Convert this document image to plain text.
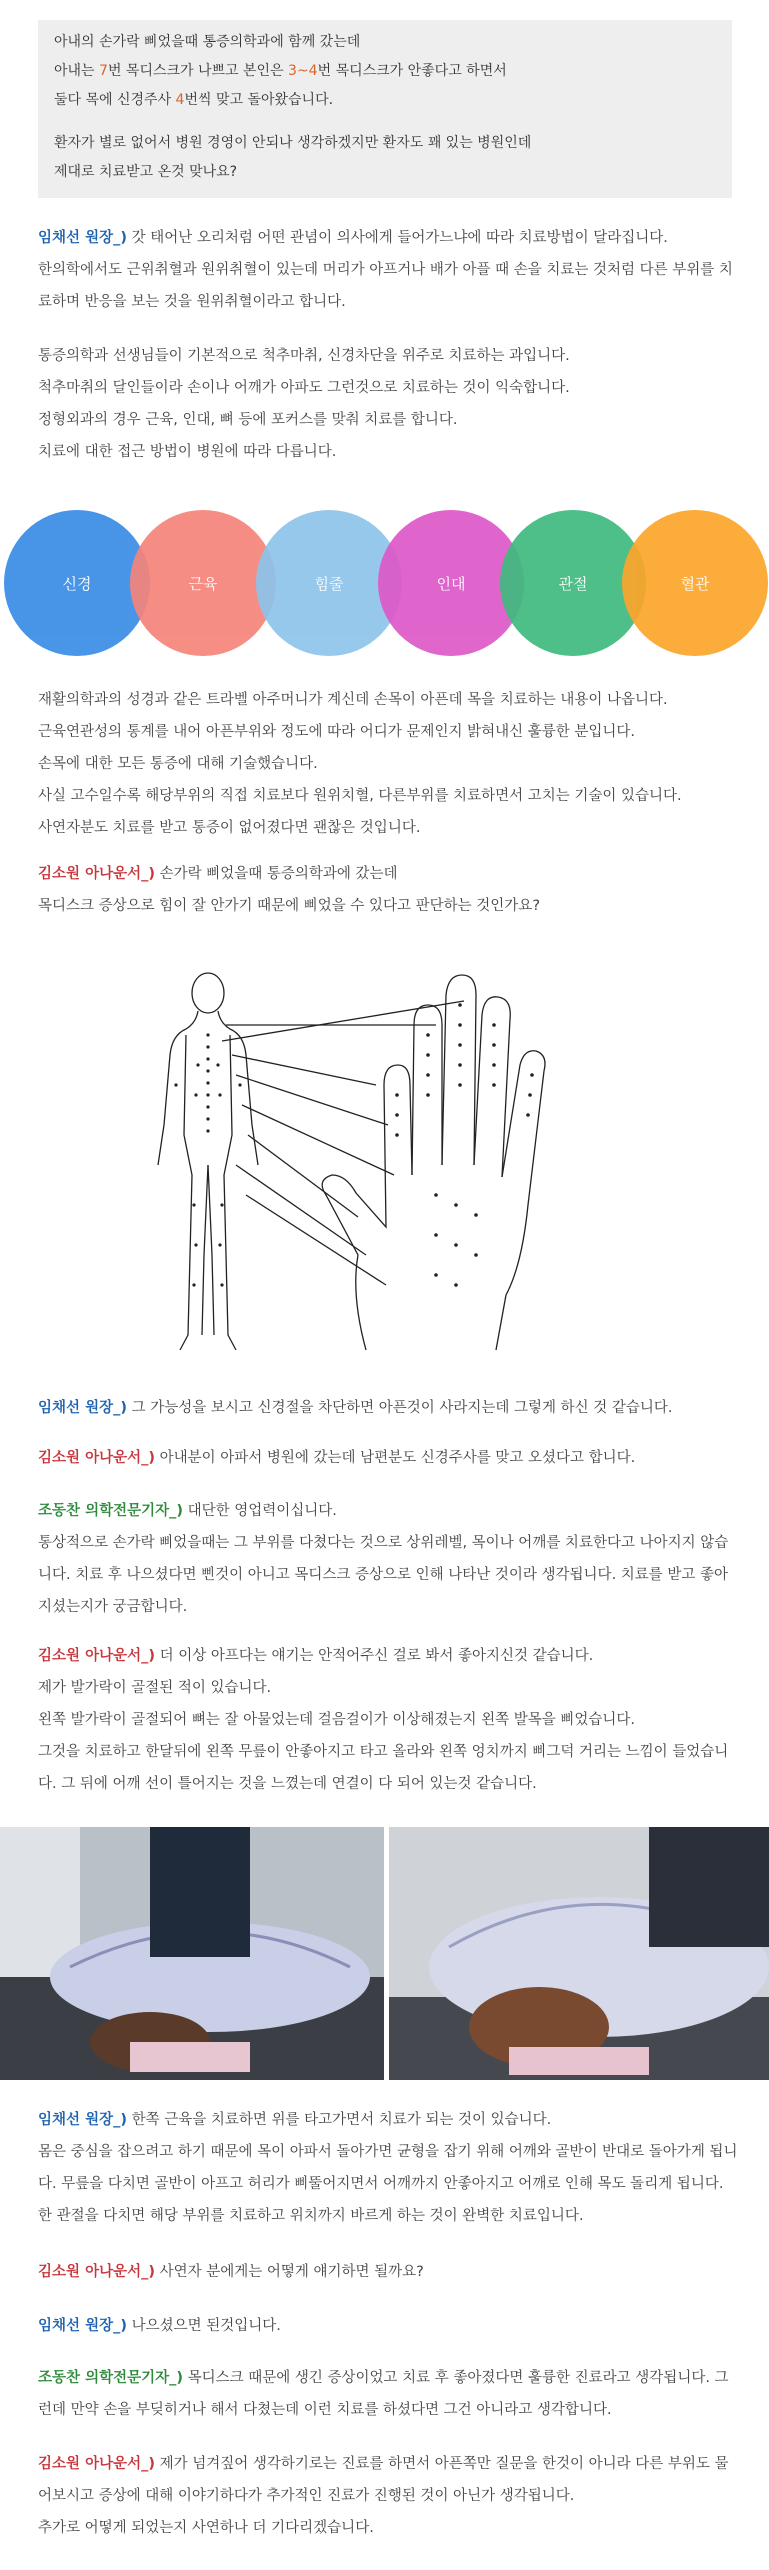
아내의 손가락 삐었을때 통증의학과에 함께 갔는데
아내는 7번 목디스크가 나쁘고 본인은 3~4번 목디스크가 안좋다고 하면서
둘다 목에 신경주사 4번씩 맞고 돌아왔습니다.
환자가 별로 없어서 병원 경영이 안되나 생각하겠지만 환자도 꽤 있는 병원인데
제대로 치료받고 온것 맞나요?

임채선 원장_) 갓 태어난 오리처럼 어떤 관념이 의사에게 들어가느냐에 따라 치료방법이 달라집니다.

한의학에서도 근위취혈과 원위취혈이 있는데 머리가 아프거나 배가 아플 때 손을 치료는 것처럼 다른 부위를 치료하며 반응을 보는 것을 원위취혈이라고 합니다.

통증의학과 선생님들이 기본적으로 척추마취, 신경차단을 위주로 치료하는 과입니다.

척추마취의 달인들이라 손이나 어깨가 아파도 그런것으로 치료하는 것이 익숙합니다.

정형외과의 경우 근육, 인대, 뼈 등에 포커스를 맞춰 치료를 합니다.

치료에 대한 접근 방법이 병원에 따라 다릅니다.

신경	근육	힘줄	인대	관절	혈관

재활의학과의 성경과 같은 트라벨 아주머니가 계신데 손목이 아픈데 목을 치료하는 내용이 나옵니다.

근육연관성의 통계를 내어 아픈부위와 정도에 따라 어디가 문제인지 밝혀내신 훌륭한 분입니다.

손목에 대한 모든 통증에 대해 기술했습니다.

사실 고수일수록 해당부위의 직접 치료보다 원위치혈, 다른부위를 치료하면서 고치는 기술이 있습니다.

사연자분도 치료를 받고 통증이 없어졌다면 괜찮은 것입니다.

김소원 아나운서_) 손가락 삐었을때 통증의학과에 갔는데

목디스크 증상으로 힘이 잘 안가기 때문에 삐었을 수 있다고 판단하는 것인가요?

임채선 원장_) 그 가능성을 보시고 신경절을 차단하면 아픈것이 사라지는데 그렇게 하신 것 같습니다.

김소원 아나운서_) 아내분이 아파서 병원에 갔는데 남편분도 신경주사를 맞고 오셨다고 합니다.

조동찬 의학전문기자_) 대단한 영업력이십니다.

통상적으로 손가락 삐었을때는 그 부위를 다쳤다는 것으로 상위레벨, 목이나 어깨를 치료한다고 나아지지 않습니다. 치료 후 나으셨다면 삔것이 아니고 목디스크 증상으로 인해 나타난 것이라 생각됩니다. 치료를 받고 좋아지셨는지가 궁금합니다.

김소원 아나운서_) 더 이상 아프다는 얘기는 안적어주신 걸로 봐서 좋아지신것 같습니다.

제가 발가락이 골절된 적이 있습니다.

왼쪽 발가락이 골절되어 뼈는 잘 아물었는데 걸음걸이가 이상해졌는지 왼쪽 발목을 삐었습니다.

그것을 치료하고 한달뒤에 왼쪽 무릎이 안좋아지고 타고 올라와 왼쪽 엉치까지 삐그덕 거리는 느낌이 들었습니다. 그 뒤에 어깨 선이 틀어지는 것을 느꼈는데 연결이 다 되어 있는것 같습니다.

임채선 원장_) 한쪽 근육을 치료하면 위를 타고가면서 치료가 되는 것이 있습니다.

몸은 중심을 잡으려고 하기 때문에 목이 아파서 돌아가면 균형을 잡기 위해 어깨와 골반이 반대로 돌아가게 됩니다. 무릎을 다치면 골반이 아프고 허리가 삐뚤어지면서 어깨까지 안좋아지고 어깨로 인해 목도 돌리게 됩니다. 한 관절을 다치면 해당 부위를 치료하고 위치까지 바르게 하는 것이 완벽한 치료입니다.

김소원 아나운서_) 사연자 분에게는 어떻게 얘기하면 될까요?

임채선 원장_) 나으셨으면 된것입니다.

조동찬 의학전문기자_) 목디스크 때문에 생긴 증상이었고 치료 후 좋아졌다면 훌륭한 진료라고 생각됩니다. 그런데 만약 손을 부딪히거나 해서 다쳤는데 이런 치료를 하셨다면 그건 아니라고 생각합니다.

김소원 아나운서_) 제가 넘겨짚어 생각하기로는 진료를 하면서 아픈쪽만 질문을 한것이 아니라 다른 부위도 물어보시고 증상에 대해 이야기하다가 추가적인 진료가 진행된 것이 아닌가 생각됩니다.

추가로 어떻게 되었는지 사연하나 더 기다리겠습니다.
